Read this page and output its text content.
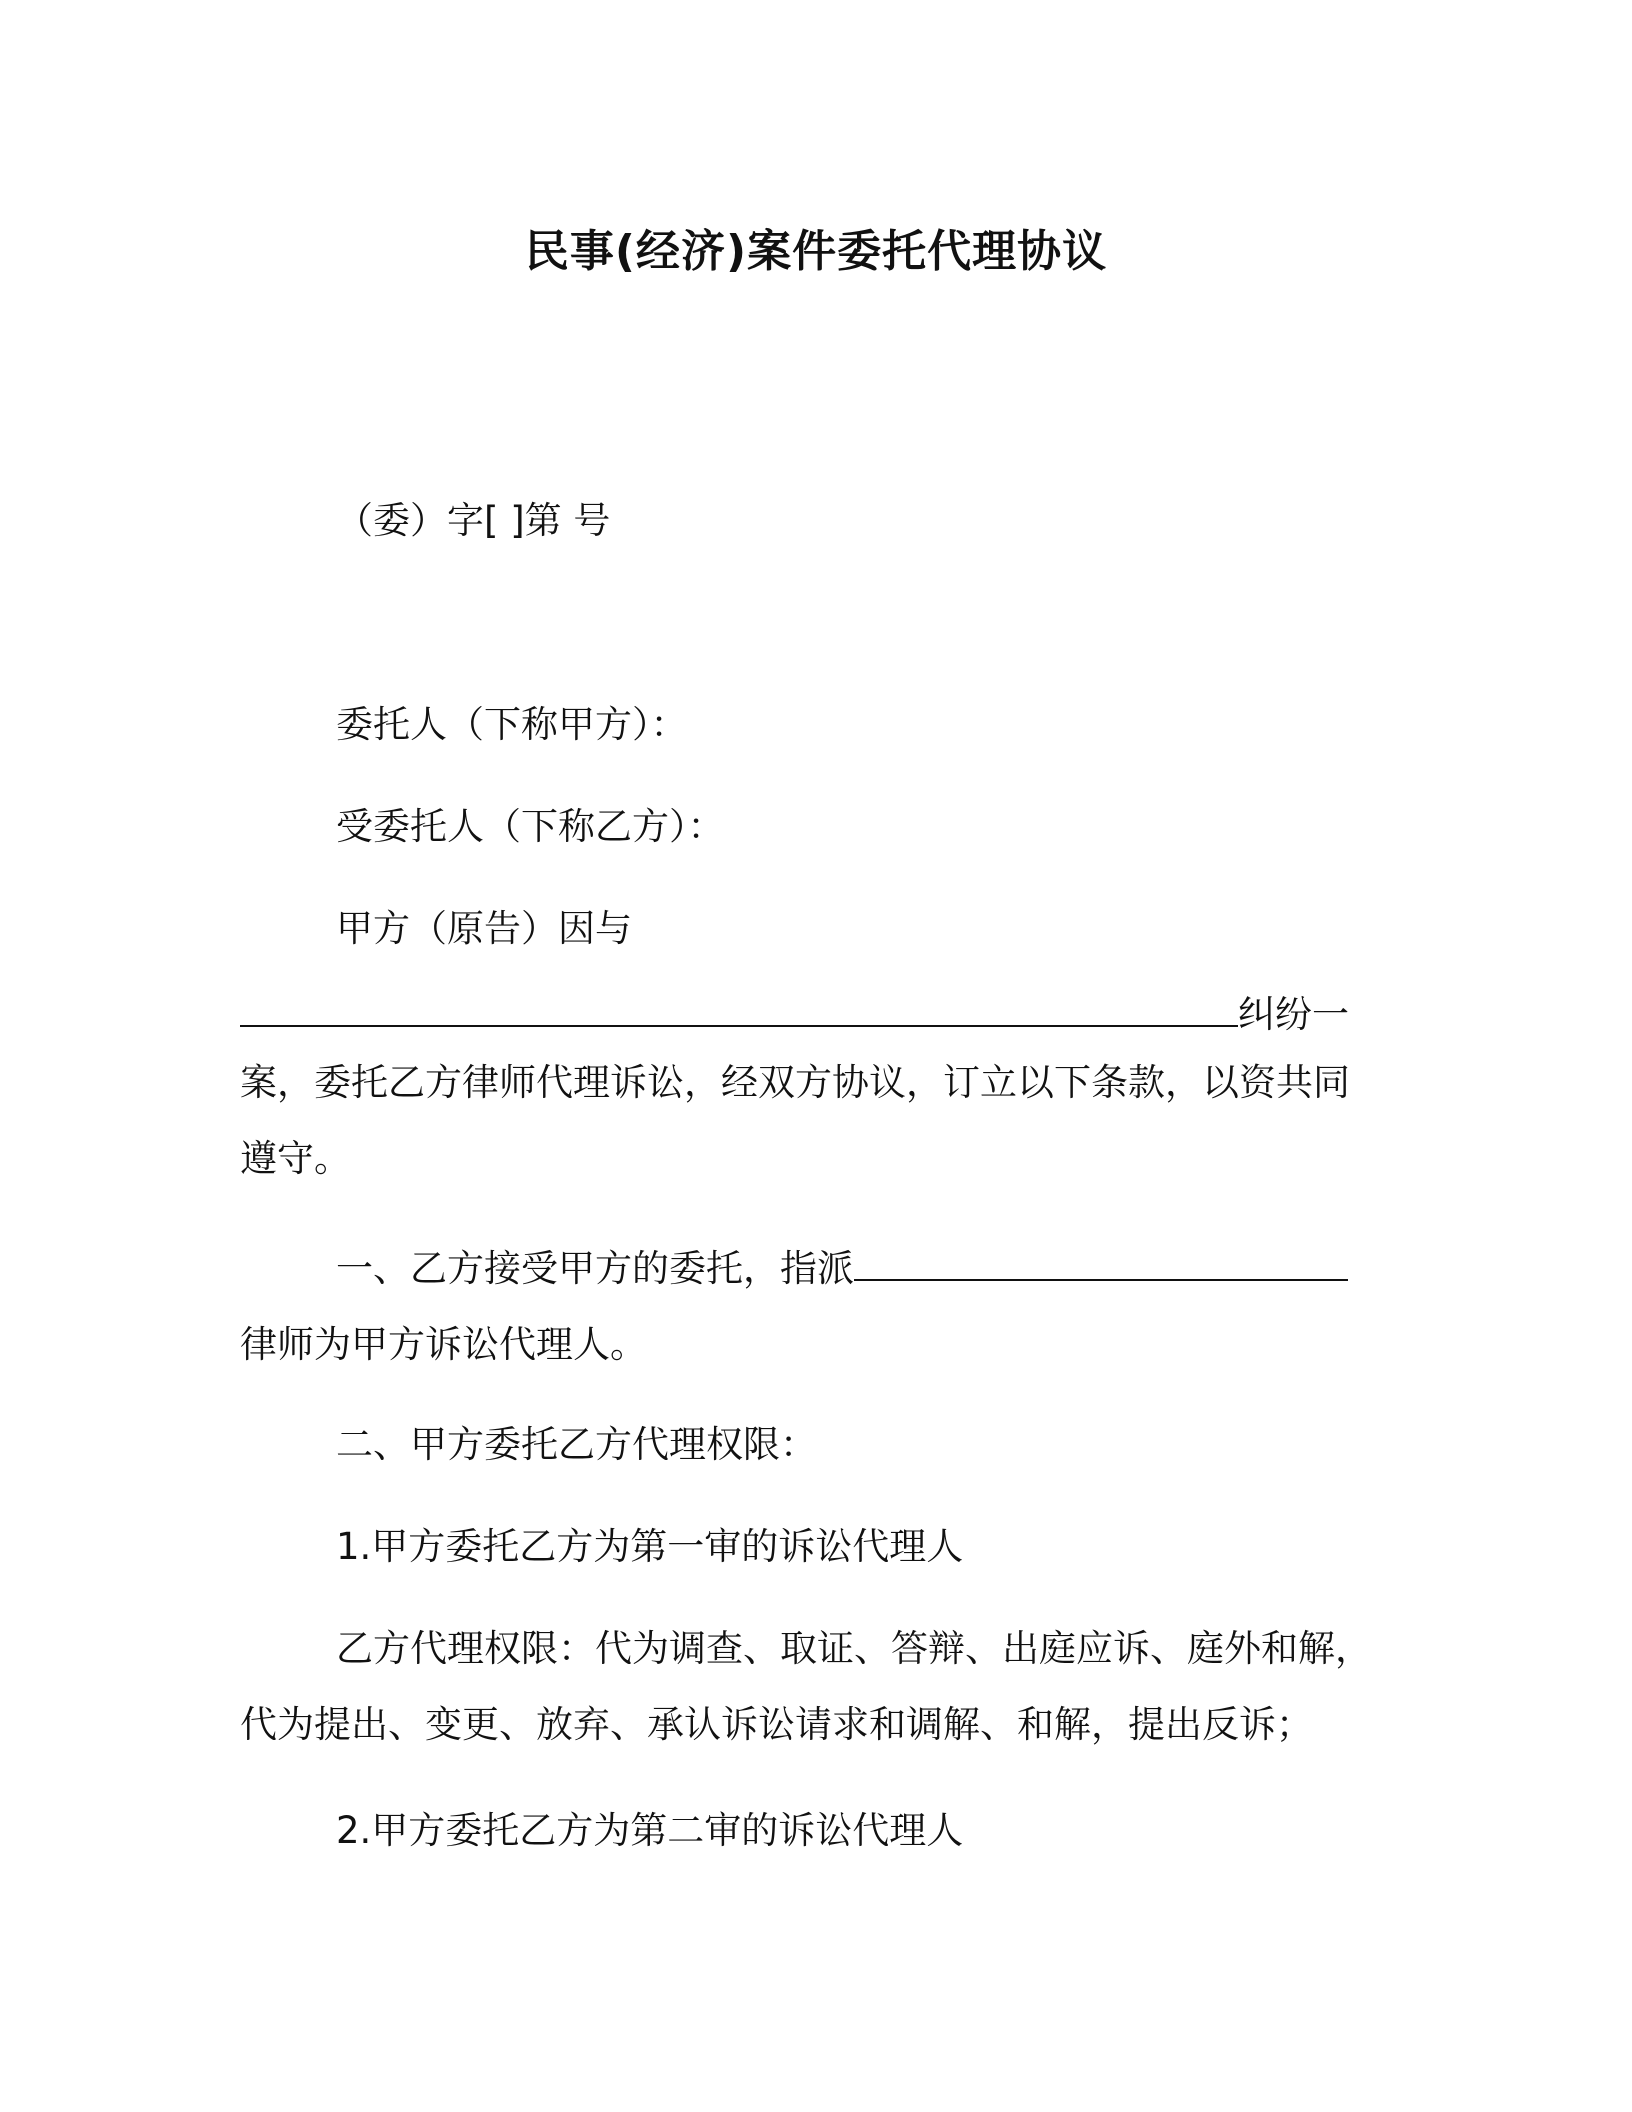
民事(经济)案件委托代理协议
（委）字[ ]第 号
委托人（下称甲方）：
受委托人（下称乙方）：
甲方（原告）因与
纠纷一
案，委托乙方律师代理诉讼，经双方协议，订立以下条款，以资共同
遵守。
一、乙方接受甲方的委托，指派
律师为甲方诉讼代理人。
二、甲方委托乙方代理权限：
1.甲方委托乙方为第一审的诉讼代理人
乙方代理权限：代为调查、取证、答辩、出庭应诉、庭外和解，
代为提出、变更、放弃、承认诉讼请求和调解、和解，提出反诉；
2.甲方委托乙方为第二审的诉讼代理人
